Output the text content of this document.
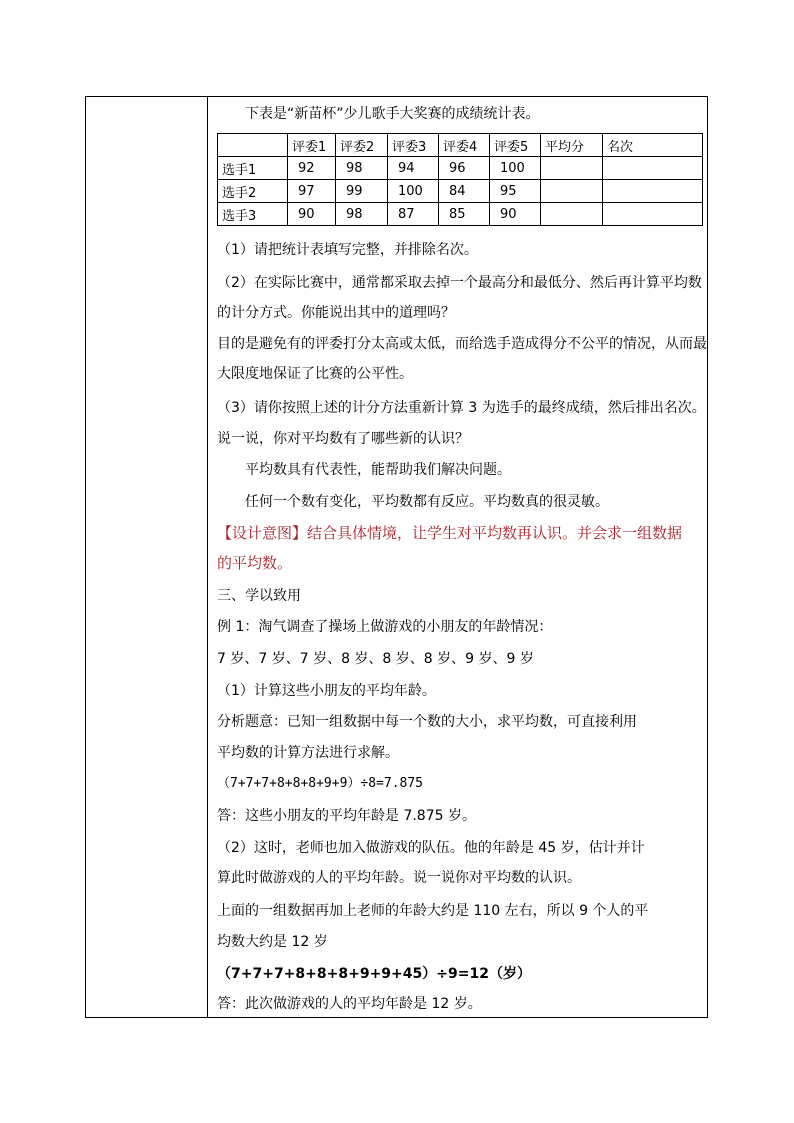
下表是“新苗杯”少儿歌手大奖赛的成绩统计表。
	评委1	评委2	评委3	评委4	评委5	平均分	名次
选手1	92	98	94	96	100		
选手2	97	99	100	84	95		
选手3	90	98	87	85	90		
（1）请把统计表填写完整，并排除名次。
（2）在实际比赛中，通常都采取去掉一个最高分和最低分、然后再计算平均数
的计分方式。你能说出其中的道理吗？
目的是避免有的评委打分太高或太低，而给选手造成得分不公平的情况，从而最
大限度地保证了比赛的公平性。
（3）请你按照上述的计分方法重新计算 3 为选手的最终成绩，然后排出名次。
说一说，你对平均数有了哪些新的认识？
平均数具有代表性，能帮助我们解决问题。
任何一个数有变化，平均数都有反应。平均数真的很灵敏。
【设计意图】结合具体情境，让学生对平均数再认识。并会求一组数据
的平均数。
三、学以致用
例 1：淘气调查了操场上做游戏的小朋友的年龄情况：
7 岁、7 岁、7 岁、8 岁、8 岁、8 岁、9 岁、9 岁
（1）计算这些小朋友的平均年龄。
分析题意：已知一组数据中每一个数的大小，求平均数，可直接利用
平均数的计算方法进行求解。
（7+7+7+8+8+8+9+9）÷8=7.875
答：这些小朋友的平均年龄是 7.875 岁。
（2）这时，老师也加入做游戏的队伍。他的年龄是 45 岁，估计并计
算此时做游戏的人的平均年龄。说一说你对平均数的认识。
上面的一组数据再加上老师的年龄大约是 110 左右，所以 9 个人的平
均数大约是 12 岁
（7+7+7+8+8+8+9+9+45）÷9=12（岁）
答：此次做游戏的人的平均年龄是 12 岁。
